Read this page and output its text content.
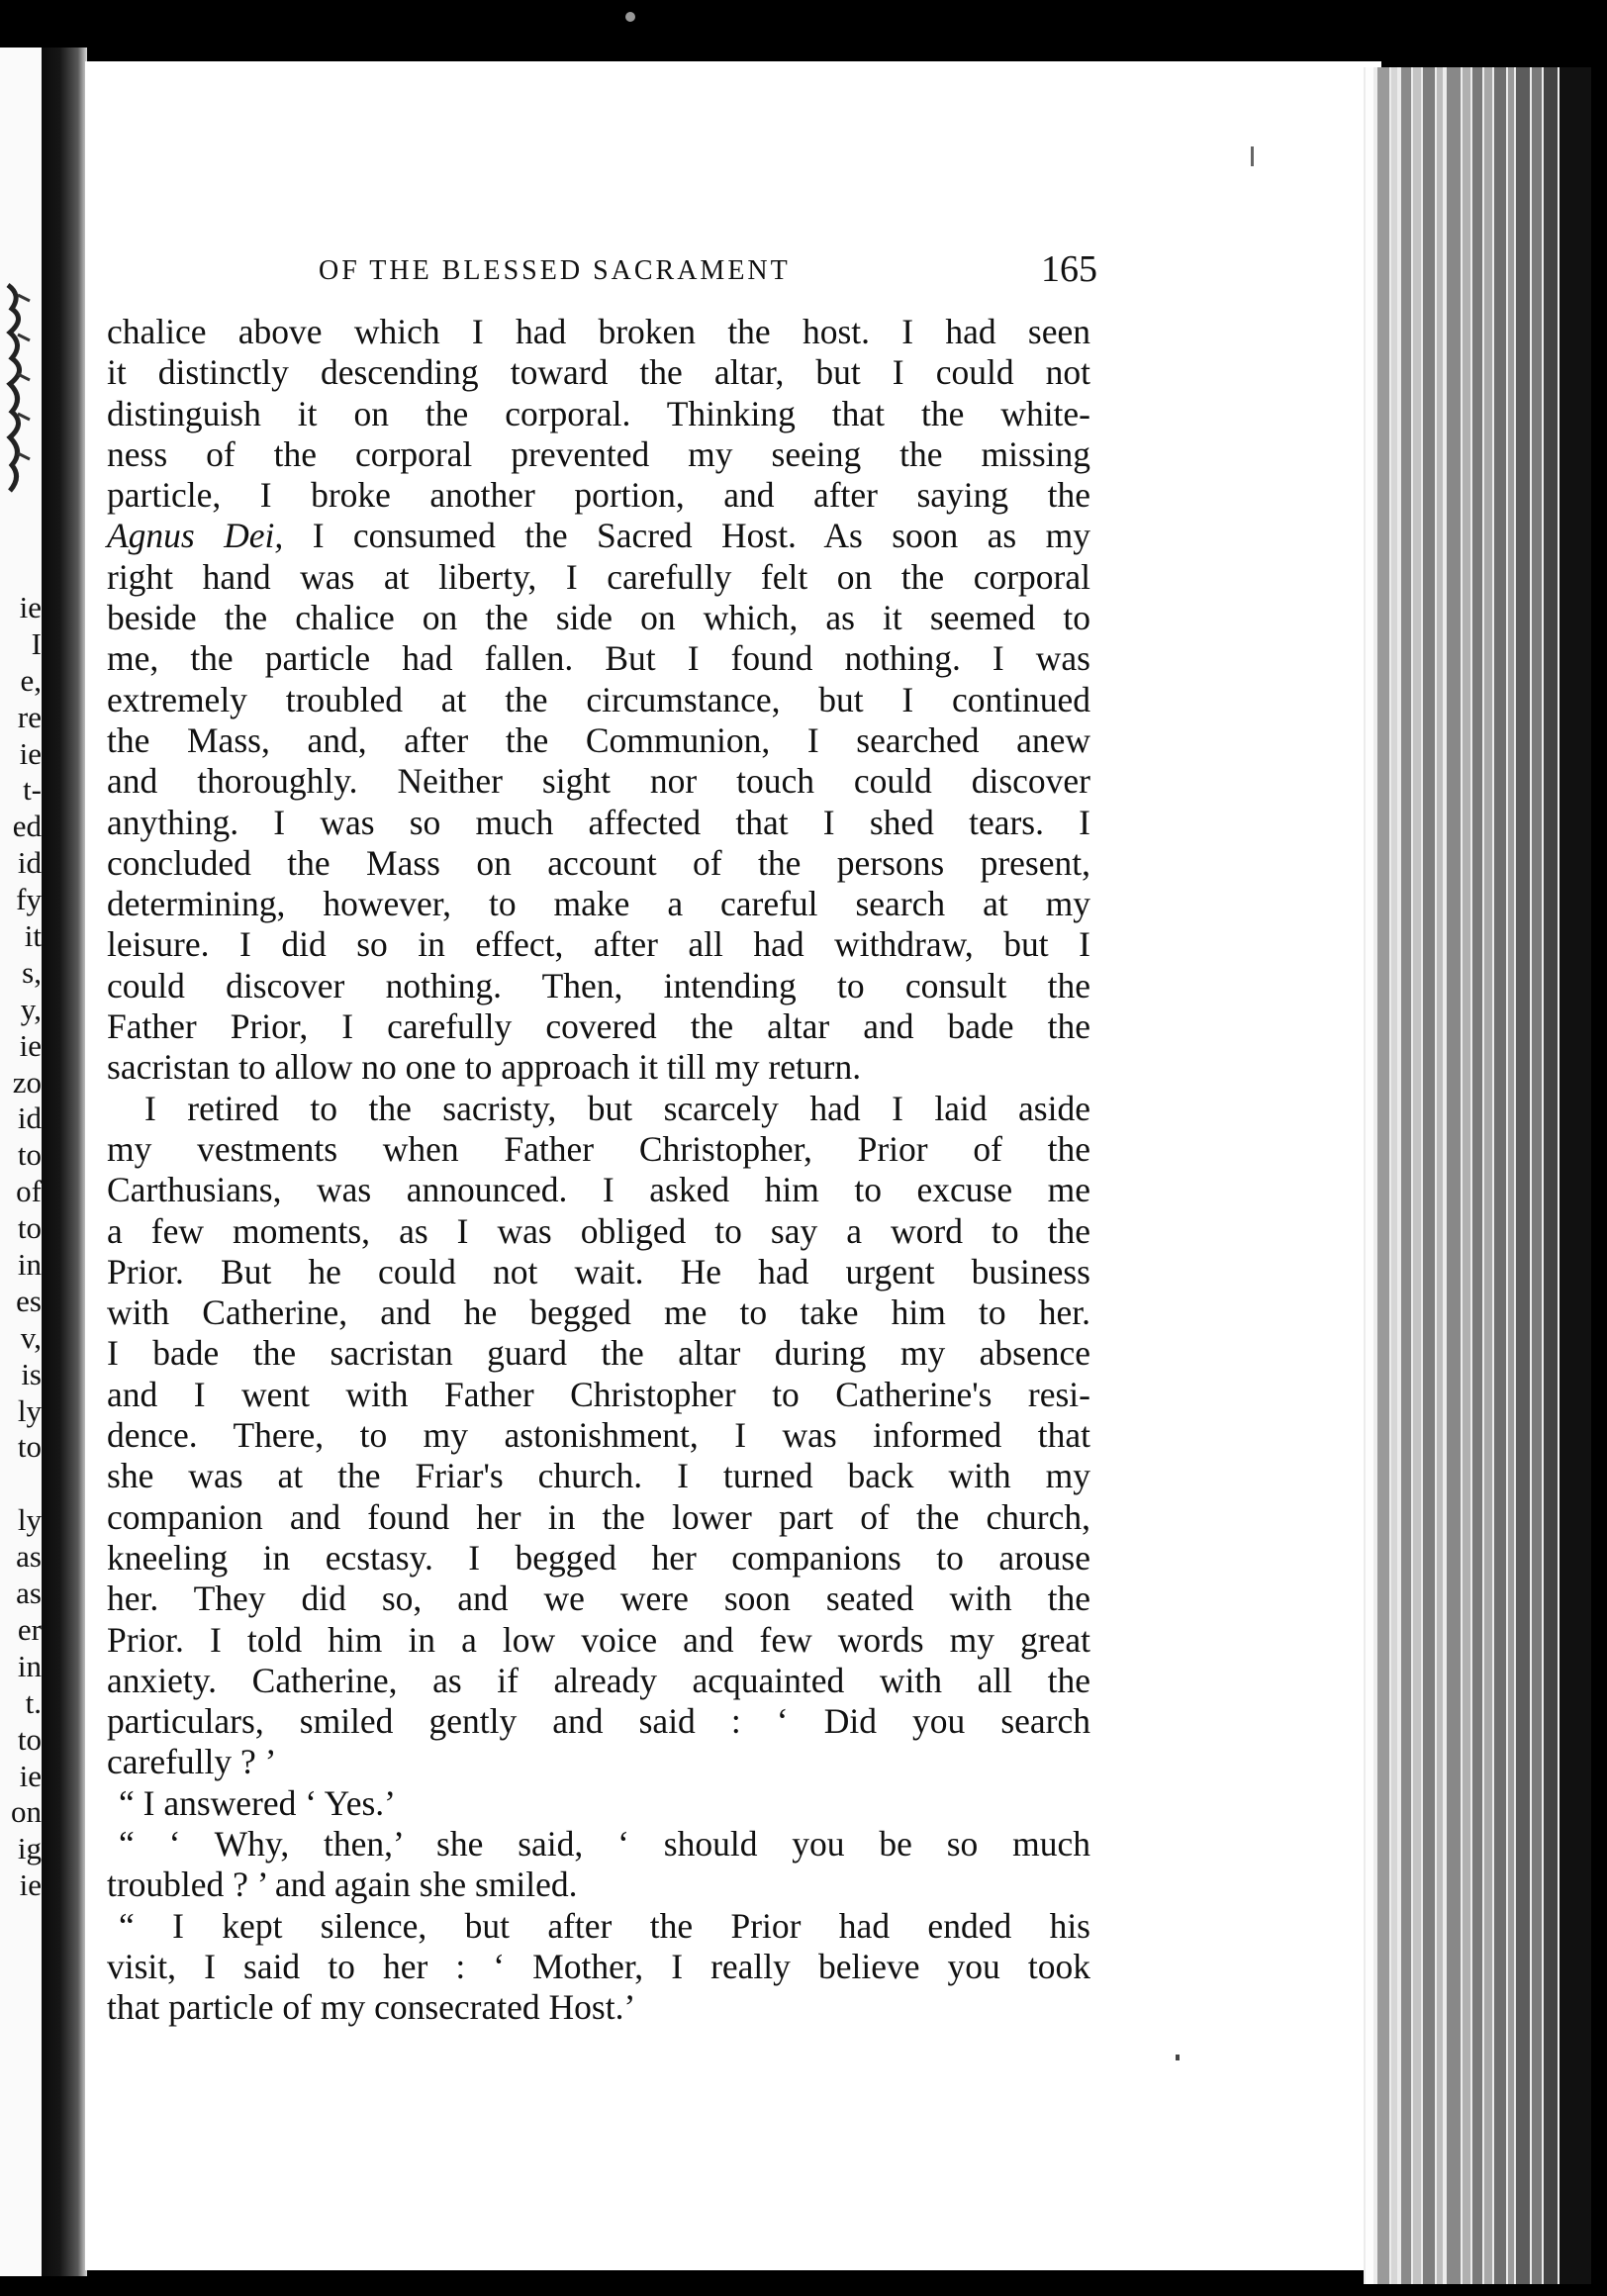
ie
I
e,
re
ie
t-
ed
id
fy
it
s,
y,
ie
zo
id
to
of
to
in
es
v,
is
ly
to
ly
as
as
er
in
t.
to
ie
on
ig
ie
OF THE BLESSED SACRAMENT	165
chalice above which I had broken the host. I had seen
it distinctly descending toward the altar, but I could not
distinguish it on the corporal. Thinking that the white-
ness of the corporal prevented my seeing the missing
particle, I broke another portion, and after saying the
Agnus Dei, I consumed the Sacred Host. As soon as my
right hand was at liberty, I carefully felt on the corporal
beside the chalice on the side on which, as it seemed to
me, the particle had fallen. But I found nothing. I was
extremely troubled at the circumstance, but I continued
the Mass, and, after the Communion, I searched anew
and thoroughly. Neither sight nor touch could discover
anything. I was so much affected that I shed tears. I
concluded the Mass on account of the persons present,
determining, however, to make a careful search at my
leisure. I did so in effect, after all had withdraw, but I
could discover nothing. Then, intending to consult the
Father Prior, I carefully covered the altar and bade the
sacristan to allow no one to approach it till my return.
I retired to the sacristy, but scarcely had I laid aside
my vestments when Father Christopher, Prior of the
Carthusians, was announced. I asked him to excuse me
a few moments, as I was obliged to say a word to the
Prior. But he could not wait. He had urgent business
with Catherine, and he begged me to take him to her.
I bade the sacristan guard the altar during my absence
and I went with Father Christopher to Catherine's resi-
dence. There, to my astonishment, I was informed that
she was at the Friar's church. I turned back with my
companion and found her in the lower part of the church,
kneeling in ecstasy. I begged her companions to arouse
her. They did so, and we were soon seated with the
Prior. I told him in a low voice and few words my great
anxiety. Catherine, as if already acquainted with all the
particulars, smiled gently and said : ‘ Did you search
carefully ? ’
“ I answered ‘ Yes.’
“ ‘ Why, then,’ she said, ‘ should you be so much
troubled ? ’ and again she smiled.
“ I kept silence, but after the Prior had ended his
visit, I said to her : ‘ Mother, I really believe you took
that particle of my consecrated Host.’
